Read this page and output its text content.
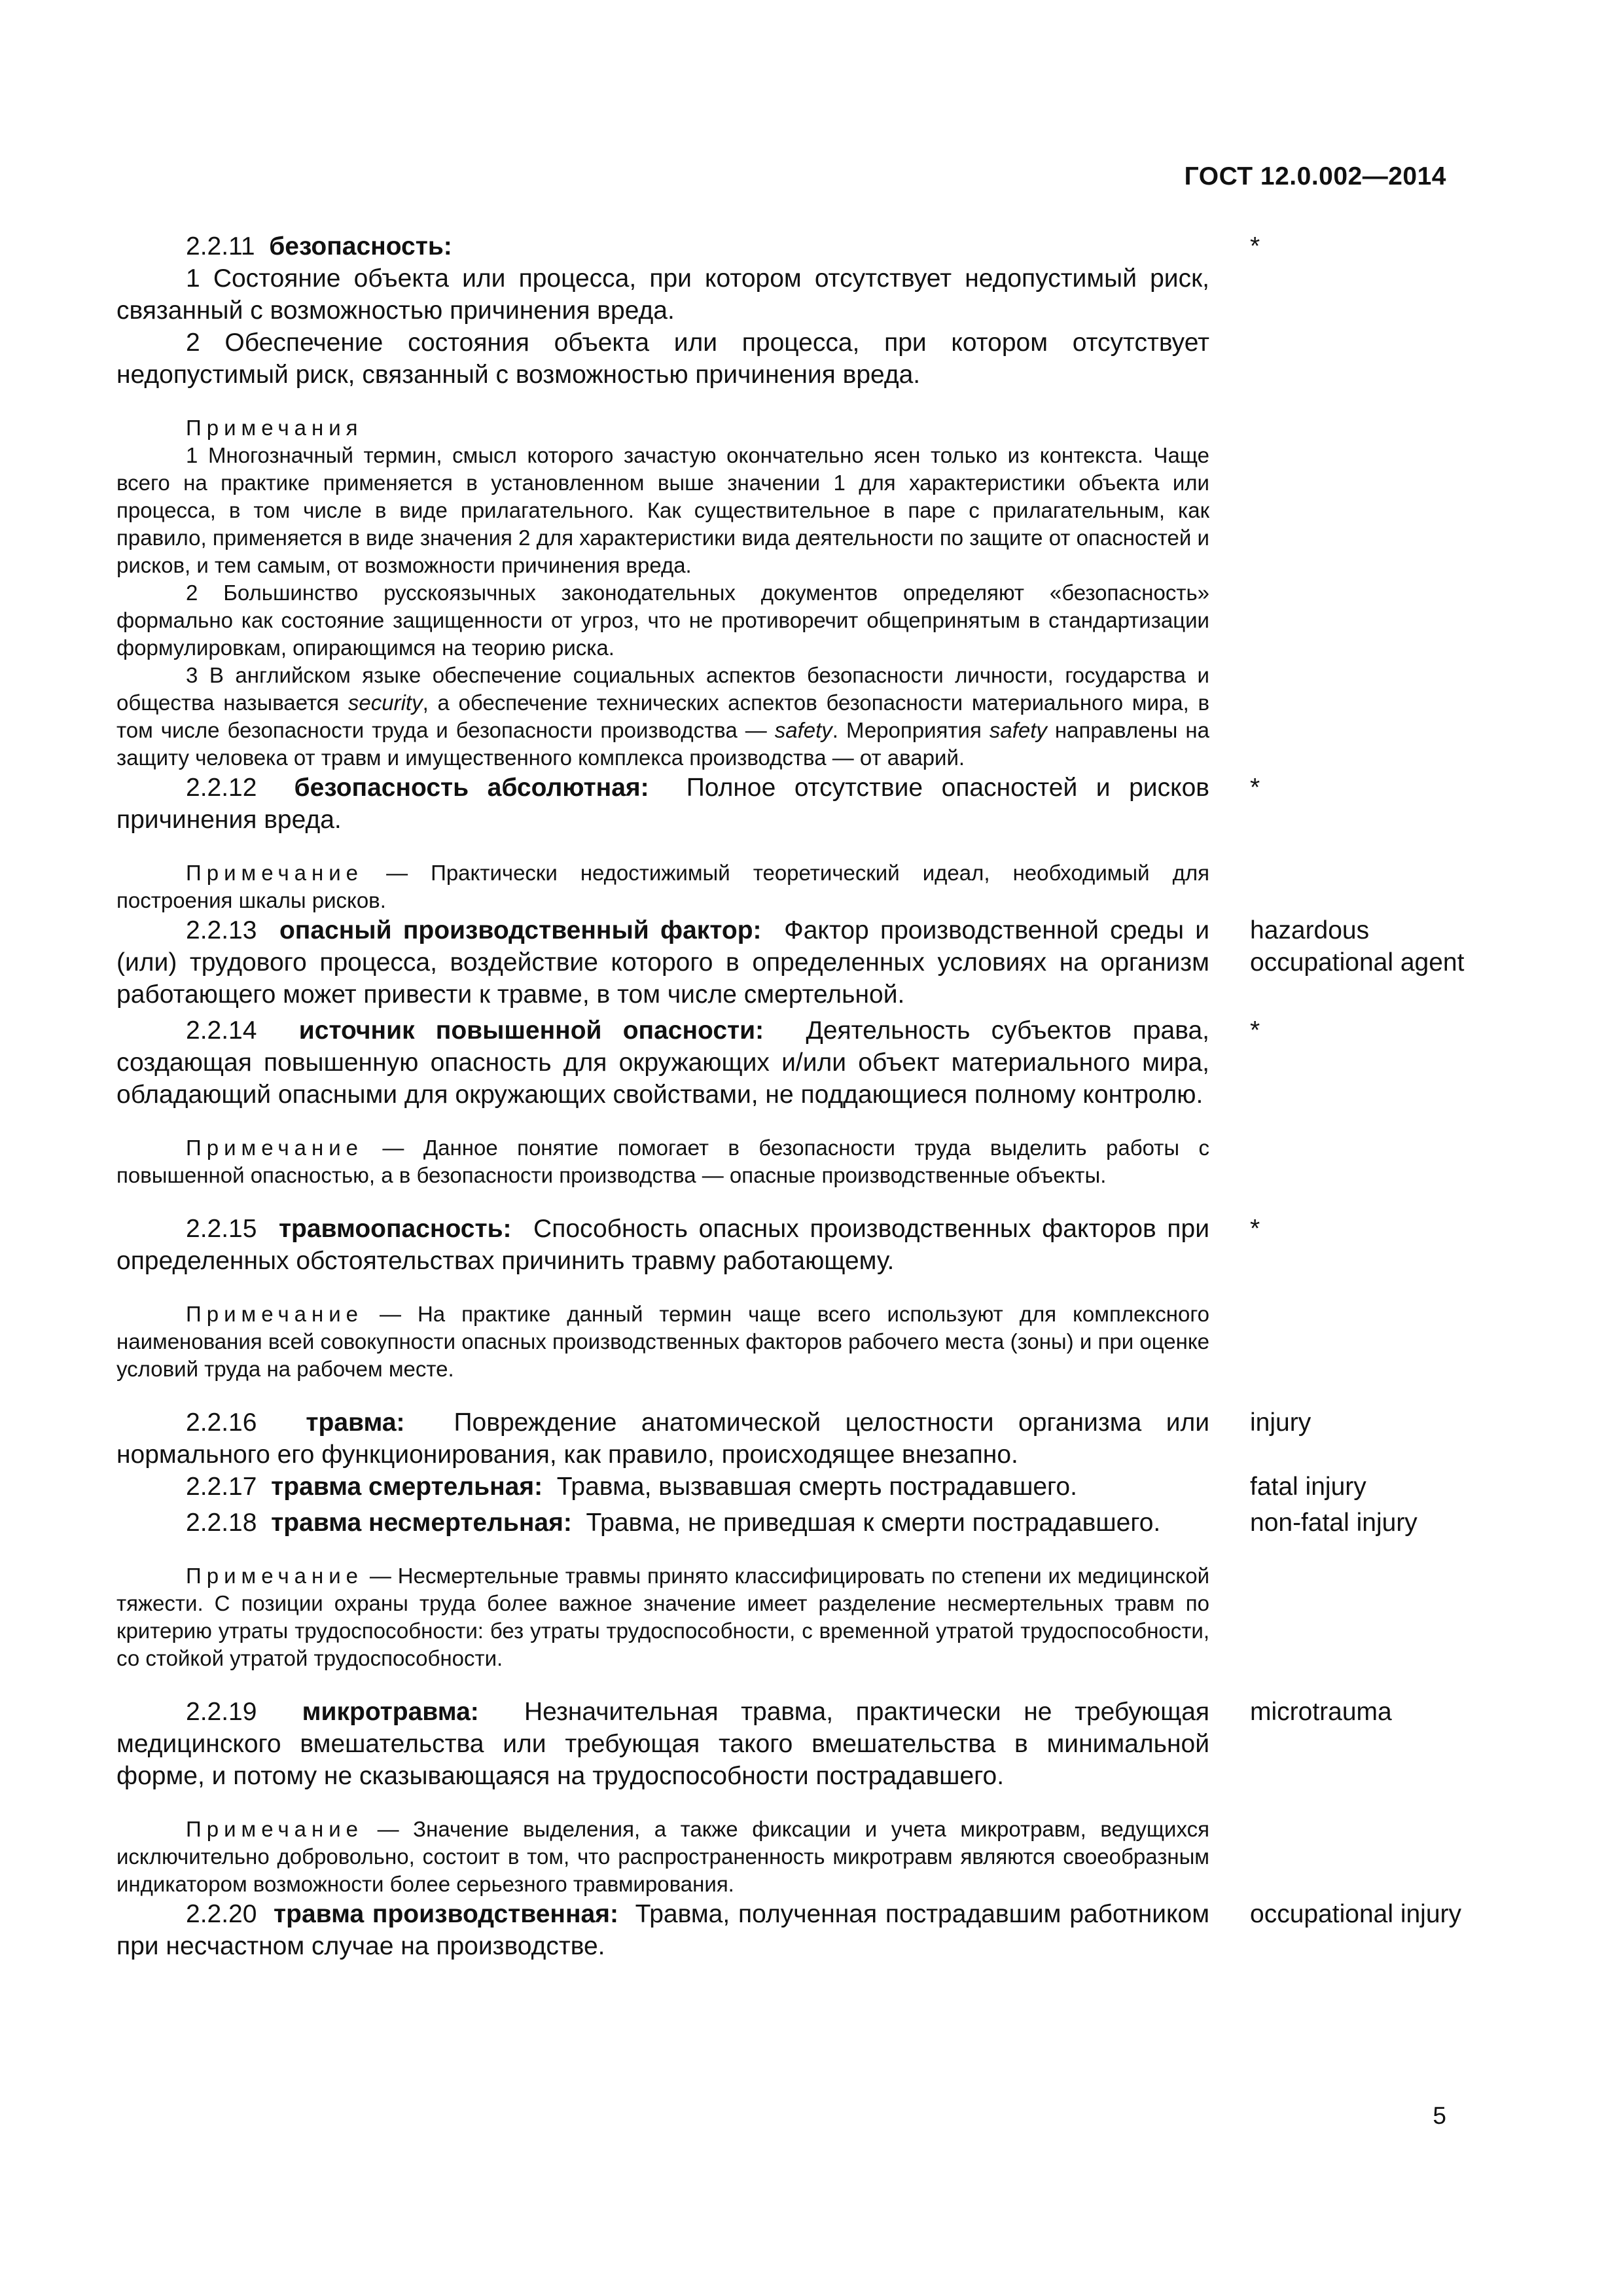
ГОСТ 12.0.002—2014

2.2.11 безопасность:

1 Состояние объекта или процесса, при котором отсутствует недопустимый риск, связанный с возможностью причинения вреда.

2 Обеспечение состояния объекта или процесса, при котором отсутствует недопустимый риск, связанный с возможностью причинения вреда.

*

Примечания

1 Многозначный термин, смысл которого зачастую окончательно ясен только из контекста. Чаще всего на практике применяется в установленном выше значении 1 для характеристики объекта или процесса, в том числе в виде прилагательного. Как существительное в паре с прилагательным, как правило, применяется в виде значения 2 для характеристики вида деятельности по защите от опасностей и рисков, и тем самым, от возможности причинения вреда.

2 Большинство русскоязычных законодательных документов определяют «безопасность» формально как состояние защищенности от угроз, что не противоречит общепринятым в стандартизации формулировкам, опирающимся на теорию риска.

3 В английском языке обеспечение социальных аспектов безопасности личности, государства и общества называется security, а обеспечение технических аспектов безопасности материального мира, в том числе безопасности труда и безопасности производства — safety. Мероприятия safety направлены на защиту человека от травм и имущественного комплекса производства — от аварий.

2.2.12 безопасность абсолютная: Полное отсутствие опасностей и рисков причинения вреда.

*

Примечание — Практически недостижимый теоретический идеал, необходимый для построения шкалы рисков.

2.2.13 опасный производственный фактор: Фактор производственной среды и (или) трудового процесса, воздействие которого в определенных условиях на организм работающего может привести к травме, в том числе смертельной.

hazardous occupational agent

2.2.14 источник повышенной опасности: Деятельность субъектов права, создающая повышенную опасность для окружающих и/или объект материального мира, обладающий опасными для окружающих свойствами, не поддающиеся полному контролю.

*

Примечание — Данное понятие помогает в безопасности труда выделить работы с повышенной опасностью, а в безопасности производства — опасные производственные объекты.

2.2.15 травмоопасность: Способность опасных производственных факторов при определенных обстоятельствах причинить травму работающему.

*

Примечание — На практике данный термин чаще всего используют для комплексного наименования всей совокупности опасных производственных факторов рабочего места (зоны) и при оценке условий труда на рабочем месте.

2.2.16 травма: Повреждение анатомической целостности организма или нормального его функционирования, как правило, происходящее внезапно.

injury

2.2.17 травма смертельная: Травма, вызвавшая смерть пострадавшего.	fatal injury

2.2.18 травма несмертельная: Травма, не приведшая к смерти пострадавшего.	non-fatal injury

Примечание — Несмертельные травмы принято классифицировать по степени их медицинской тяжести. С позиции охраны труда более важное значение имеет разделение несмертельных травм по критерию утраты трудоспособности: без утраты трудоспособности, с временной утратой трудоспособности, со стойкой утратой трудоспособности.

2.2.19 микротравма: Незначительная травма, практически не требующая медицинского вмешательства или требующая такого вмешательства в минимальной форме, и потому не сказывающаяся на трудоспособности пострадавшего.

microtrauma

Примечание — Значение выделения, а также фиксации и учета микротравм, ведущихся исключительно добровольно, состоит в том, что распространенность микротравм являются своеобразным индикатором возможности более серьезного травмирования.

2.2.20 травма производственная: Травма, полученная пострадавшим работником при несчастном случае на производстве.

occupational injury
5
